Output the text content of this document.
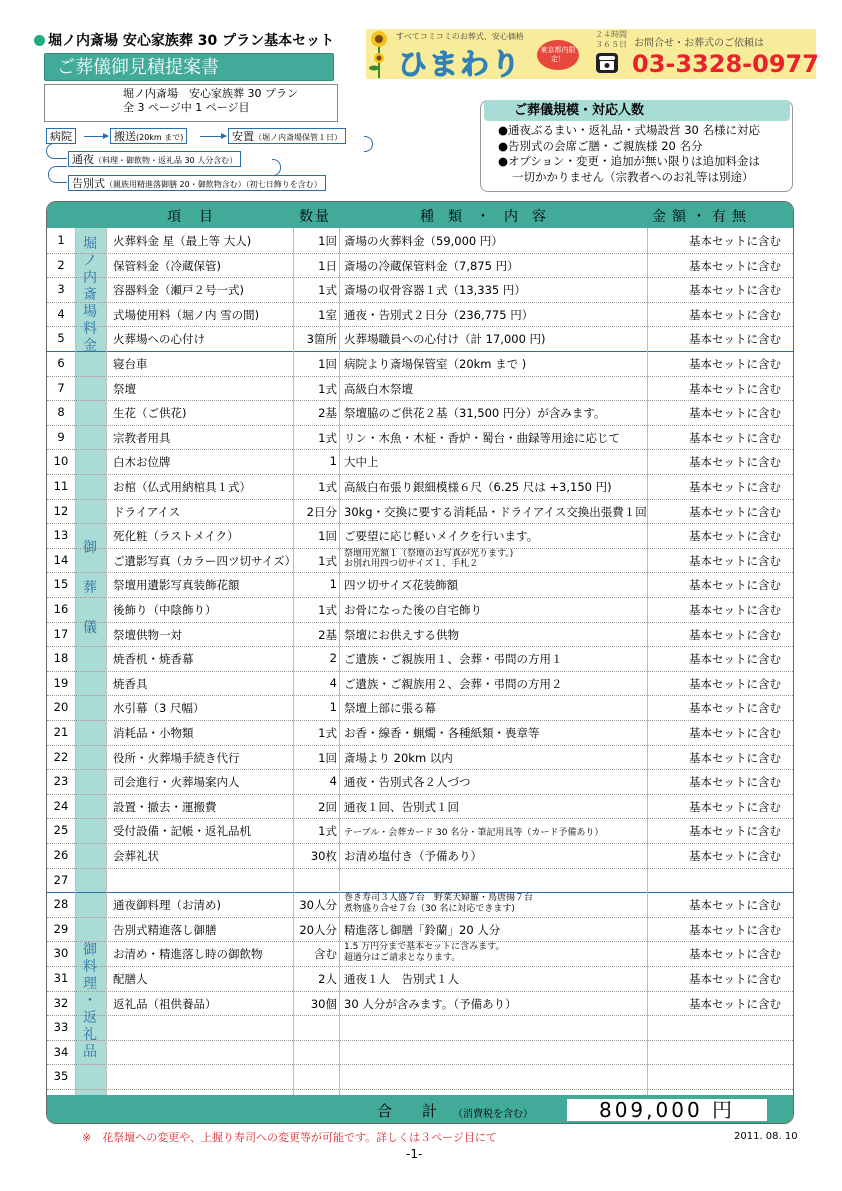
堀ノ内斎場 安心家族葬 30 プラン基本セット
ご葬儀御見積提案書
堀ノ内斎場　安心家族葬 30 プラン
全 3 ページ中 1 ページ目
すべてコミコミのお葬式、安心価格
ひまわり	東京都内限定！
２４時間
３６５日 お問合せ・お葬式のご依頼は
03-3328-0977
病院	搬送(20km まで)	安置（堀ノ内斎場保管１日）
通夜（料理・御飲物・返礼品 30 人分含む）
告別式（親族用精進落御膳 20・御飲物含む）（初七日飾りを含む）
ご葬儀規模・対応人数
● 通夜ぶるまい・返礼品・式場設営 30 名様に対応
● 告別式の会席ご膳・ご親族様 20 名分
● オプション・変更・追加が無い限りは追加料金は
一切かかりません（宗教者へのお礼等は別途）
項目	数量	種類・内容	金額・有無
1	火葬料金 星（最上等 大人)	1回 斎場の火葬料金（59,000 円）	基本セットに含む
2	保管料金（冷蔵保管)	1日 斎場の冷蔵保管料金（7,875 円）	基本セットに含む
3	容器料金（瀬戸２号一式)	1式 斎場の収骨容器１式（13,335 円）	基本セットに含む
4	式場使用料（堀ノ内 雪の間)	1室 通夜・告別式２日分（236,775 円）	基本セットに含む
5	火葬場への心付け	3箇所 火葬場職員への心付け（計 17,000 円)	基本セットに含む
6	寝台車	1回 病院より斎場保管室（20km まで )	基本セットに含む
7	祭壇	1式 高級白木祭壇	基本セットに含む
8	生花（ご供花)	2基 祭壇脇のご供花２基（31,500 円分）が含みます。	基本セットに含む
9	宗教者用具	1式 リン・木魚・木柾・香炉・蜀台・曲録等用途に応じて	基本セットに含む
10	白木お位牌	1 大中上	基本セットに含む
11	お棺（仏式用納棺具１式）	1式 高級白布張り銀細模様６尺（6.25 尺は +3,150 円)	基本セットに含む
12	ドライアイス	2日分 30kg・交換に要する消耗品・ドライアイス交換出張費１回	基本セットに含む
13	死化粧（ラストメイク）	1回 ご要望に応じ軽いメイクを行います。	基本セットに含む
14	ご遺影写真（カラー四ツ切サイズ）	1式 祭壇用光額１（祭壇のお写真が光ります。)
お別れ用四つ切サイズ１、手札２	基本セットに含む
15	祭壇用遺影写真装飾花額	1 四ツ切サイズ花装飾額	基本セットに含む
16	後飾り（中陰飾り）	1式 お骨になった後の自宅飾り	基本セットに含む
17	祭壇供物一対	2基 祭壇にお供えする供物	基本セットに含む
18	焼香机・焼香幕	2 ご遺族・ご親族用１、会葬・弔問の方用１	基本セットに含む
19	焼香具	4 ご遺族・ご親族用２、会葬・弔問の方用２	基本セットに含む
20	水引幕（3 尺幅）	1 祭壇上部に張る幕	基本セットに含む
21	消耗品・小物類	1式 お香・線香・蝋燭・各種紙類・喪章等	基本セットに含む
22	役所・火葬場手続き代行	1回 斎場より 20km 以内	基本セットに含む
23	司会進行・火葬場案内人	4 通夜・告別式各２人づつ	基本セットに含む
24	設置・撤去・運搬費	2回 通夜１回、告別式１回	基本セットに含む
25	受付設備・記帳・返礼品机	1式 テーブル・会葬カード 30 名分・筆記用具等（カード予備あり）	基本セットに含む
26	会葬礼状	30枚 お清め塩付き（予備あり）	基本セットに含む
27
28	通夜御料理（お清め)	30人分 巻き寿司３人盛７台　野菜天婦羅・鳥唐揚７台
煮物盛り合せ７台（30 名に対応できます)	基本セットに含む
29	告別式精進落し御膳	20人分 精進落し御膳「鈴蘭」20 人分	基本セットに含む
30	お清め・精進落し時の御飲物	含む 1.5 万円分まで基本セットに含みます。
超過分はご請求となります。	基本セットに含む
31	配膳人	2人 通夜１人　告別式１人	基本セットに含む
32	返礼品（祖供養品）	30個 30 人分が含みます。（予備あり）	基本セットに含む
33
34
35
堀
ノ
内
斎
場
料
金
御
葬
儀
御
料
理
・
返
礼
品
合計
（消費税を含む）	809,000 円
※　花祭壇への変更や、上握り寿司への変更等が可能です。詳しくは３ページ目にて	2011. 08. 10
-1-
